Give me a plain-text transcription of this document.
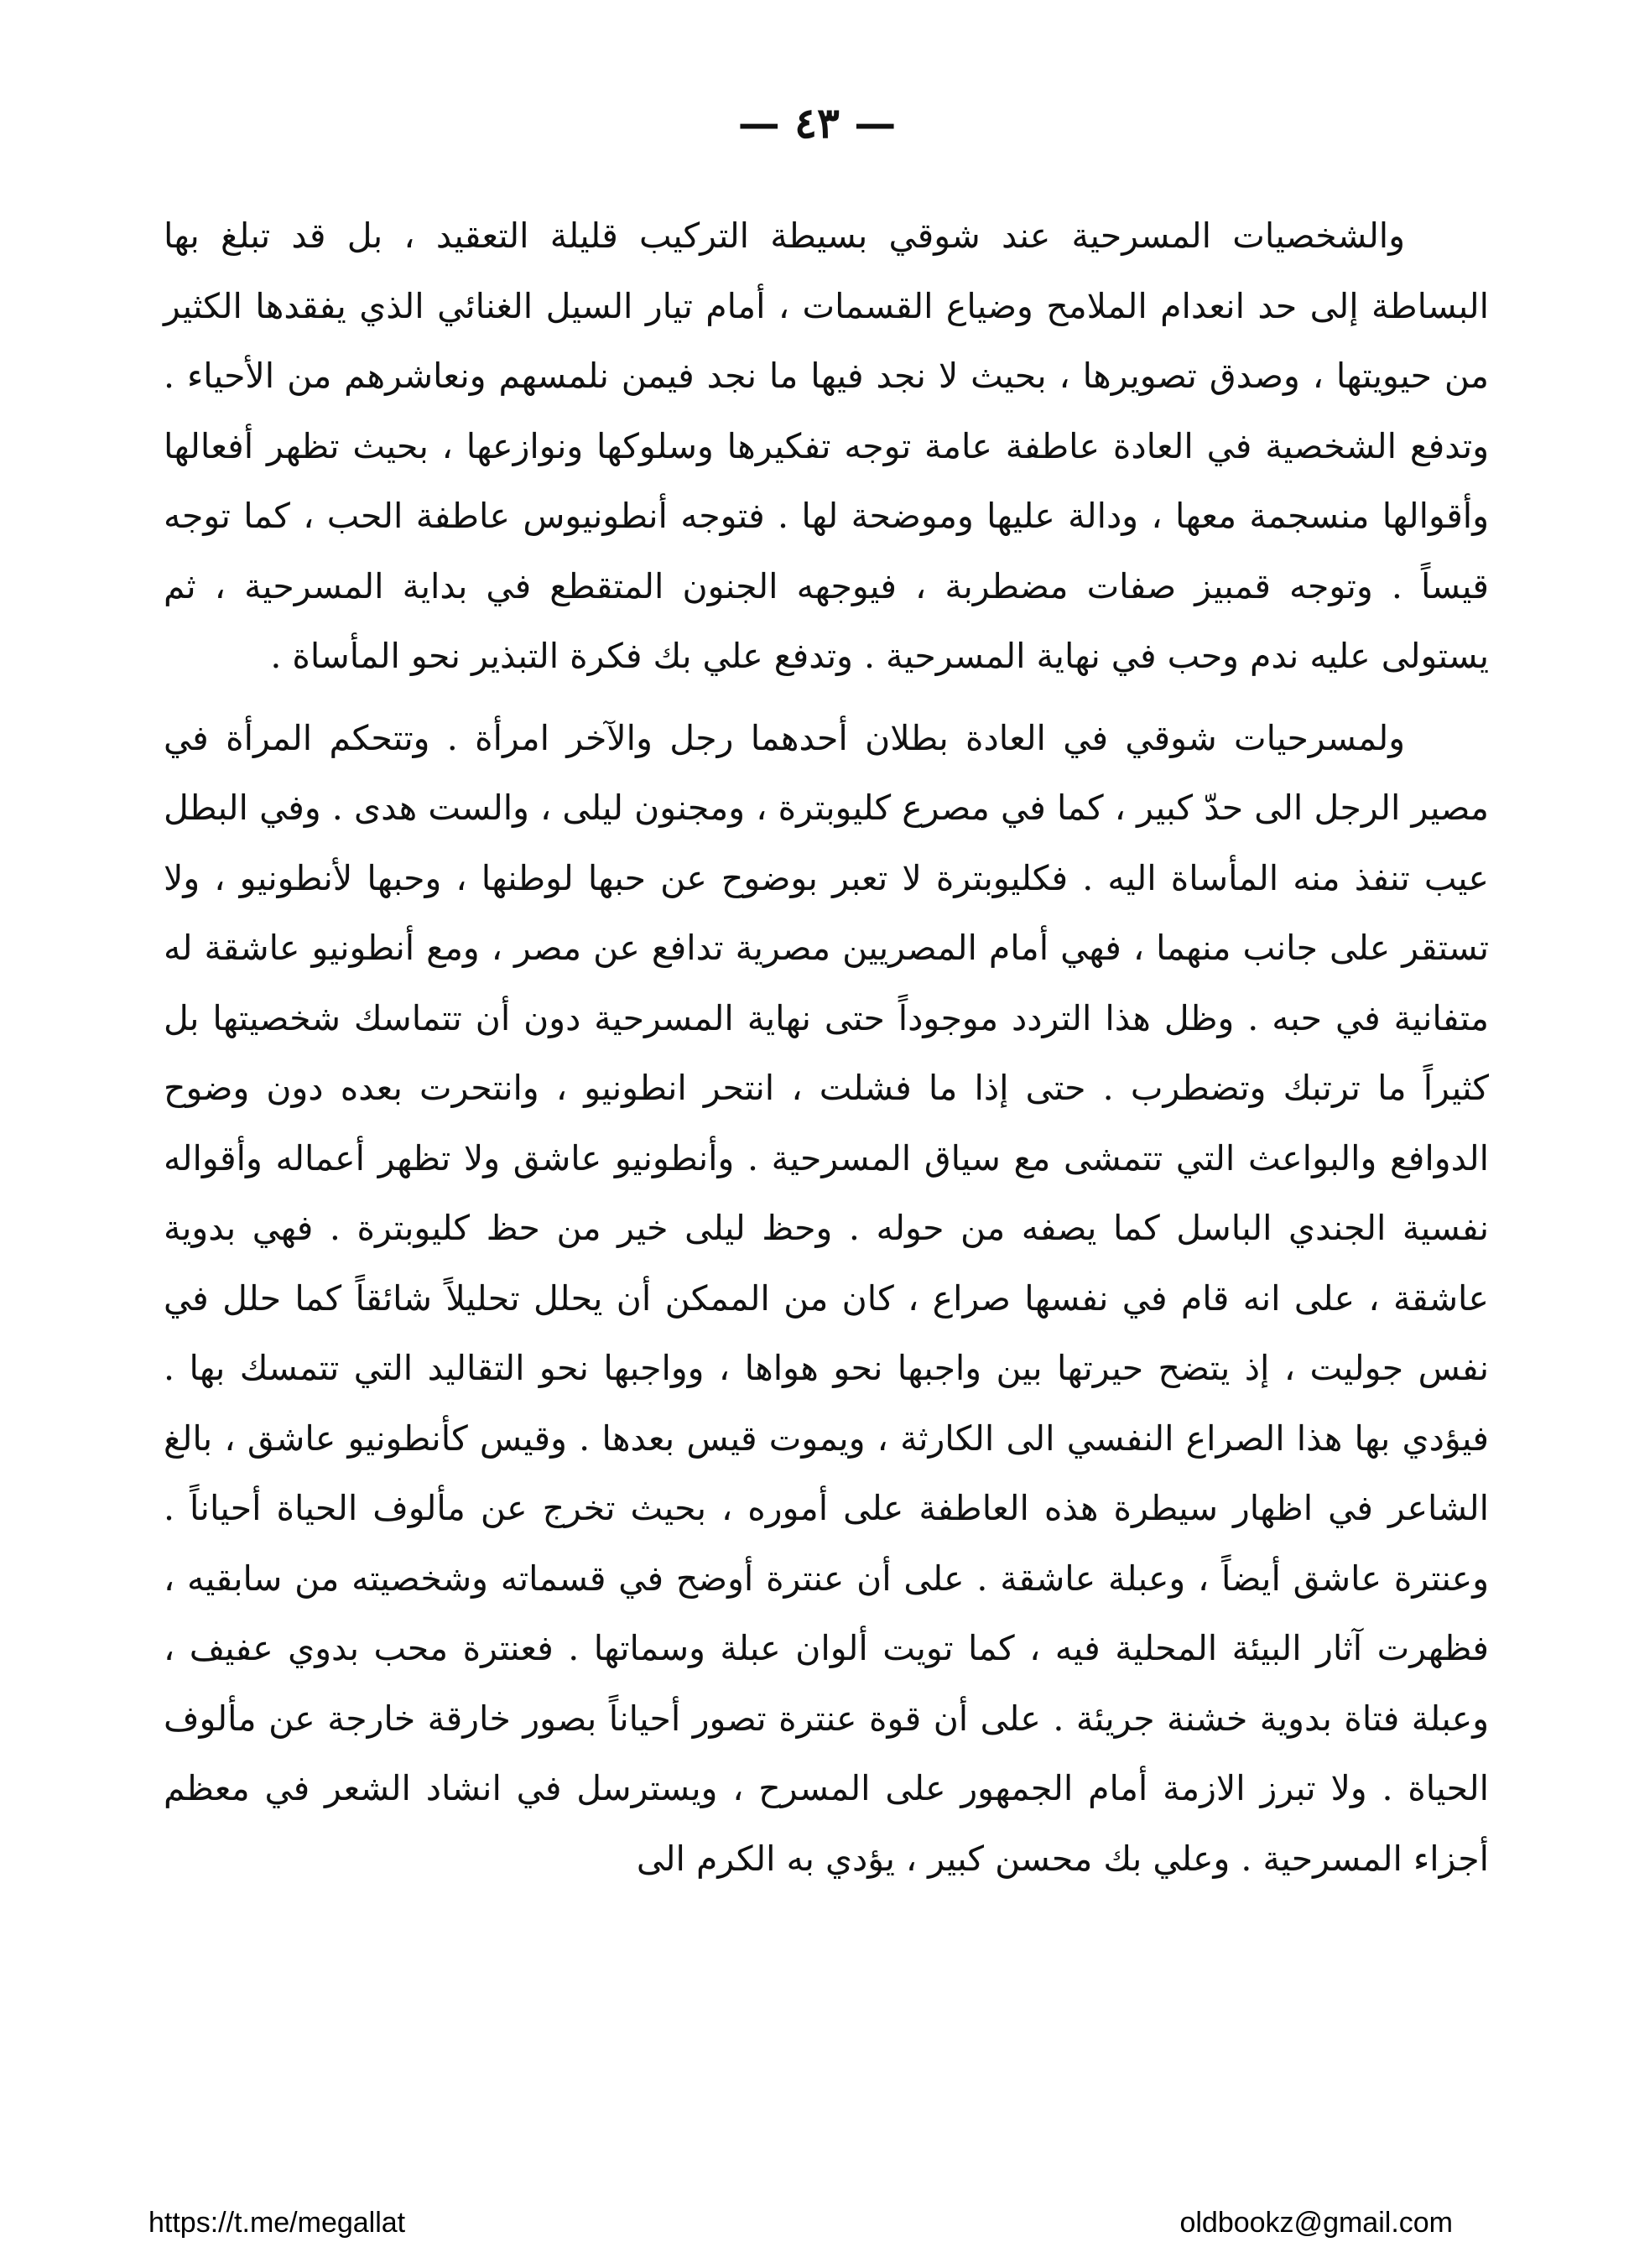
— ٤٣ —

والشخصيات المسرحية عند شوقي بسيطة التركيب قليلة التعقيد ، بل قد تبلغ بها البساطة إلى حد انعدام الملامح وضياع القسمات ، أمام تيار السيل الغنائي الذي يفقدها الكثير من حيويتها ، وصدق تصويرها ، بحيث لا نجد فيها ما نجد فيمن نلمسهم ونعاشرهم من الأحياء . وتدفع الشخصية في العادة عاطفة عامة توجه تفكيرها وسلوكها ونوازعها ، بحيث تظهر أفعالها وأقوالها منسجمة معها ، ودالة عليها وموضحة لها . فتوجه أنطونيوس عاطفة الحب ، كما توجه قيساً . وتوجه قمبيز صفات مضطربة ، فيوجهه الجنون المتقطع في بداية المسرحية ، ثم يستولى عليه ندم وحب في نهاية المسرحية . وتدفع علي بك فكرة التبذير نحو المأساة .

ولمسرحيات شوقي في العادة بطلان أحدهما رجل والآخر امرأة . وتتحكم المرأة في مصير الرجل الى حدّ كبير ، كما في مصرع كليوبترة ، ومجنون ليلى ، والست هدى . وفي البطل عيب تنفذ منه المأساة اليه . فكليوبترة لا تعبر بوضوح عن حبها لوطنها ، وحبها لأنطونيو ، ولا تستقر على جانب منهما ، فهي أمام المصريين مصرية تدافع عن مصر ، ومع أنطونيو عاشقة له متفانية في حبه . وظل هذا التردد موجوداً حتى نهاية المسرحية دون أن تتماسك شخصيتها بل كثيراً ما ترتبك وتضطرب . حتى إذا ما فشلت ، انتحر انطونيو ، وانتحرت بعده دون وضوح الدوافع والبواعث التي تتمشى مع سياق المسرحية . وأنطونيو عاشق ولا تظهر أعماله وأقواله نفسية الجندي الباسل كما يصفه من حوله . وحظ ليلى خير من حظ كليوبترة . فهي بدوية عاشقة ، على انه قام في نفسها صراع ، كان من الممكن أن يحلل تحليلاً شائقاً كما حلل في نفس جوليت ، إذ يتضح حيرتها بين واجبها نحو هواها ، وواجبها نحو التقاليد التي تتمسك بها . فيؤدي بها هذا الصراع النفسي الى الكارثة ، ويموت قيس بعدها . وقيس كأنطونيو عاشق ، بالغ الشاعر في اظهار سيطرة هذه العاطفة على أموره ، بحيث تخرج عن مألوف الحياة أحياناً . وعنترة عاشق أيضاً ، وعبلة عاشقة . على أن عنترة أوضح في قسماته وشخصيته من سابقيه ، فظهرت آثار البيئة المحلية فيه ، كما تويت ألوان عبلة وسماتها . فعنترة محب بدوي عفيف ، وعبلة فتاة بدوية خشنة جريئة . على أن قوة عنترة تصور أحياناً بصور خارقة خارجة عن مألوف الحياة . ولا تبرز الازمة أمام الجمهور على المسرح ، ويسترسل في انشاد الشعر في معظم أجزاء المسرحية . وعلي بك محسن كبير ، يؤدي به الكرم الى

https://t.me/megallat	oldbookz@gmail.com
